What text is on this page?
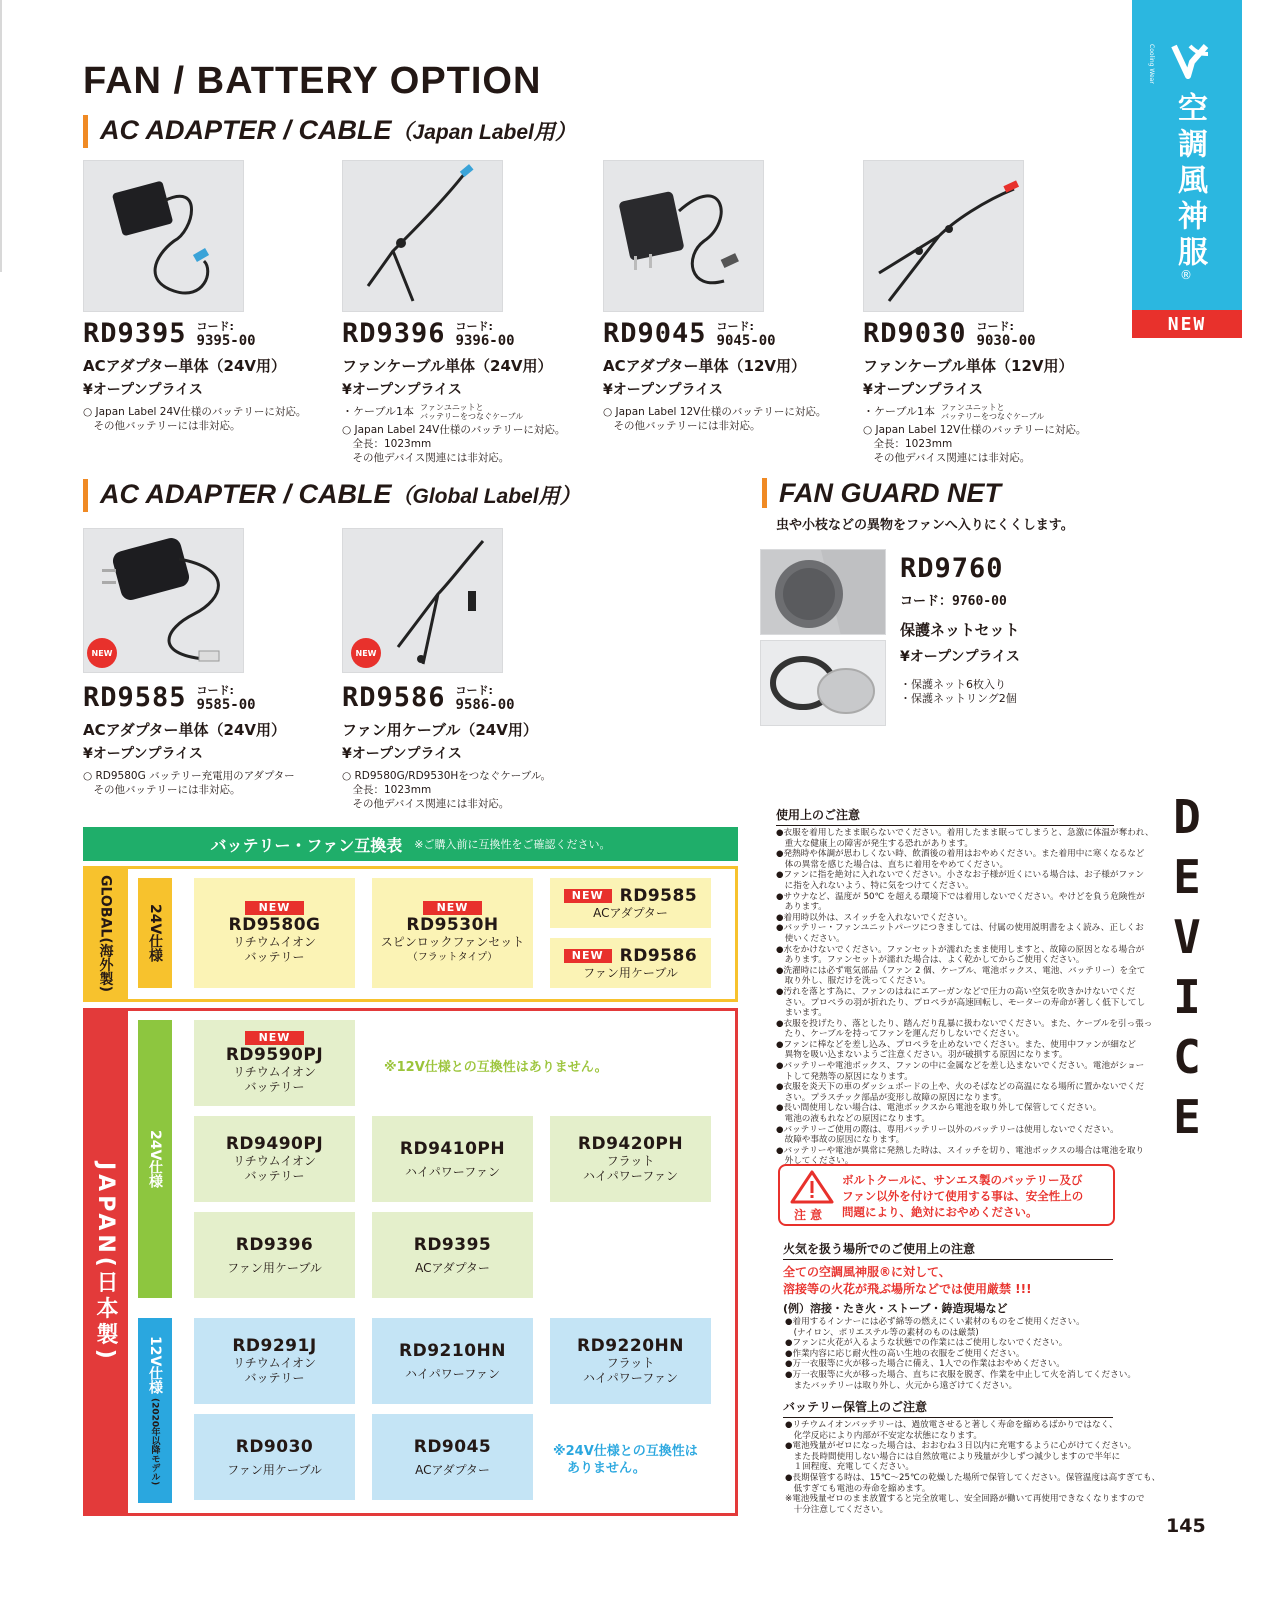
Cooling Wear
空調風神服
®
NEW
DEVICE
145
FAN / BATTERY OPTION
AC ADAPTER / CABLE（Japan Label用）
RD9395 コード:
9395-00
ACアダプター単体（24V用）
¥オープンプライス
○ Japan Label 24V仕様のバッテリーに対応。
　その他バッテリーには非対応。
RD9396 コード:
9396-00
ファンケーブル単体（24V用）
¥オープンプライス
・ケーブル1本 ファンユニットと
バッテリーをつなぐケーブル
○ Japan Label 24V仕様のバッテリーに対応。
　全長：1023mm
　その他デバイス関連には非対応。
RD9045 コード:
9045-00
ACアダプター単体（12V用）
¥オープンプライス
○ Japan Label 12V仕様のバッテリーに対応。
　その他バッテリーには非対応。
RD9030 コード:
9030-00
ファンケーブル単体（12V用）
¥オープンプライス
・ケーブル1本 ファンユニットと
バッテリーをつなぐケーブル
○ Japan Label 12V仕様のバッテリーに対応。
　全長：1023mm
　その他デバイス関連には非対応。
AC ADAPTER / CABLE（Global Label用）
NEW	NEW
RD9585 コード:
9585-00
ACアダプター単体（24V用）
¥オープンプライス
○ RD9580G バッテリー充電用のアダプター
　その他バッテリーには非対応。
RD9586 コード:
9586-00
ファン用ケーブル（24V用）
¥オープンプライス
○ RD9580G/RD9530Hをつなぐケーブル。
　全長：1023mm
　その他デバイス関連には非対応。
FAN GUARD NET
虫や小枝などの異物をファンへ入りにくくします。
RD9760
コード：9760-00
保護ネットセット
¥オープンプライス
・保護ネット6枚入り
・保護ネットリング2個
バッテリー・ファン互換表 ※ご購入前に互換性をご確認ください。
GLOBAL(海外製) 24V仕様	NEW
RD9580G
リチウムイオン
バッテリー
NEW
RD9530H
スピンロックファンセット
（フラットタイプ）
NEW RD9585
ACアダプター
NEW RD9586
ファン用ケーブル
JAPAN(日本製)
24V仕様
12V仕様
(2020年以降モデル)
NEW
RD9590PJ
リチウムイオン
バッテリー
※12V仕様との互換性はありません。
RD9490PJ
リチウムイオン
バッテリー
RD9410PH
ハイパワーファン
RD9420PH
フラット
ハイパワーファン
RD9396
ファン用ケーブル
RD9395
ACアダプター
RD9291J
リチウムイオン
バッテリー
RD9210HN
ハイパワーファン
RD9220HN
フラット
ハイパワーファン
RD9030
ファン用ケーブル
RD9045
ACアダプター
※24V仕様との互換性は
ありません。
使用上のご注意

●衣服を着用したまま眠らないでください。着用したまま眠ってしまうと、急激に体温が奪われ、

　重大な健康上の障害が発生する恐れがあります。

●発熱時や体調が思わしくない時、飲酒後の着用はおやめください。また着用中に寒くなるなど

　体の異常を感じた場合は、直ちに着用をやめてください。

●ファンに指を絶対に入れないでください。小さなお子様が近くにいる場合は、お子様がファン

　に指を入れないよう、特に気をつけてください。

●サウナなど、温度が 50℃ を超える環境下では着用しないでください。やけどを負う危険性が

　あります。

●着用時以外は、スイッチを入れないでください。

●バッテリー・ファンユニットパーツにつきましては、付属の使用説明書をよく読み、正しくお

　使いください。

●水をかけないでください。ファンセットが濡れたまま使用しますと、故障の原因となる場合が

　あります。ファンセットが濡れた場合は、よく乾かしてからご使用ください。

●洗濯時には必ず電気部品（ファン 2 個、ケーブル、電池ボックス、電池、バッテリー）を全て

　取り外し、服だけを洗ってください。

●汚れを落とす為に、ファンのはねにエアーガンなどで圧力の高い空気を吹きかけないでくだ

　さい。プロペラの羽が折れたり、プロペラが高速回転し、モーターの寿命が著しく低下してし

　まいます。

●衣服を投げたり、落としたり、踏んだり乱暴に扱わないでください。また、ケーブルを引っ張っ

　たり、ケーブルを持ってファンを運んだりしないでください。

●ファンに棒などを差し込み、プロペラを止めないでください。また、使用中ファンが細など

　異物を吸い込まないようご注意ください。羽が破損する原因になります。

●バッテリーや電池ボックス、ファンの中に金属などを差し込まないでください。電池がショー

　トして発熱等の原因になります。

●衣服を炎天下の車のダッシュボードの上や、火のそばなどの高温になる場所に置かないでくだ

　さい。プラスチック部品が変形し故障の原因になります。

●長い間使用しない場合は、電池ボックスから電池を取り外して保管してください。

　電池の液もれなどの原因になります。

●バッテリーご使用の際は、専用バッテリー以外のバッテリーは使用しないでください。

　故障や事故の原因になります。

●バッテリーや電池が異常に発熱した時は、スイッチを切り、電池ボックスの場合は電池を取り

　外してください。

注 意
ボルトクールに、サンエス製のバッテリー及び
ファン以外を付けて使用する事は、安全性上の
問題により、絶対におやめください。
火気を扱う場所でのご使用上の注意
全ての空調風神服®に対して、
溶接等の火花が飛ぶ場所などでは使用厳禁 !!!
(例）溶接・たき火・ストーブ・鋳造現場など

●着用するインナーには必ず綿等の燃えにくい素材のものをご使用ください。

　(ナイロン、ポリエステル等の素材のものは厳禁)

●ファンに火花が入るような状態での作業にはご使用しないでください。

●作業内容に応じ耐火性の高い生地の衣服をご使用ください。

●万一衣服等に火が移った場合に備え、1人での作業はおやめください。

●万一衣服等に火が移った場合、直ちに衣服を脱ぎ、作業を中止して火を消してください。

　またバッテリーは取り外し、火元から遠ざけてください。

バッテリー保管上のご注意

●リチウムイオンバッテリーは、過放電させると著しく寿命を縮めるばかりではなく、

　化学反応により内部が不安定な状態になります。

●電池残量がゼロになった場合は、おおむね３日以内に充電するように心がけてください。

　また長時間使用しない場合には自然放電により残量が少しずつ減少しますので半年に

　１回程度、充電してください。

●長期保管する時は、15℃〜25℃の乾燥した場所で保管してください。保管温度は高すぎても、

　低すぎても電池の寿命を縮めます。

※電池残量ゼロのまま放置すると完全放電し、安全回路が働いて再使用できなくなりますので

　十分注意してください。
